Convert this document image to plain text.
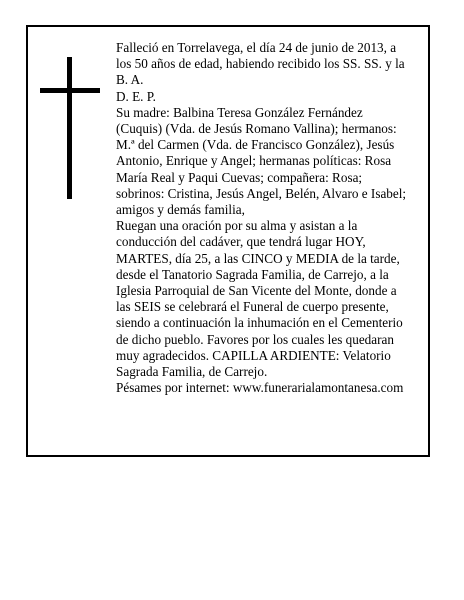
Falleció en Torrelavega, el día 24 de junio de 2013, a
los 50 años de edad, habiendo recibido los SS. SS. y la
B. A.
D. E. P.
Su madre: Balbina Teresa González Fernández
(Cuquis) (Vda. de Jesús Romano Vallina); hermanos:
M.ª del Carmen (Vda. de Francisco González), Jesús
Antonio, Enrique y Angel; hermanas políticas: Rosa
María Real y Paqui Cuevas; compañera: Rosa;
sobrinos: Cristina, Jesús Angel, Belén, Alvaro e Isabel;
amigos y demás familia,
Ruegan una oración por su alma y asistan a la
conducción del cadáver, que tendrá lugar HOY,
MARTES, día 25, a las CINCO y MEDIA de la tarde,
desde el Tanatorio Sagrada Familia, de Carrejo, a la
Iglesia Parroquial de San Vicente del Monte, donde a
las SEIS se celebrará el Funeral de cuerpo presente,
siendo a continuación la inhumación en el Cementerio
de dicho pueblo. Favores por los cuales les quedaran
muy agradecidos. CAPILLA ARDIENTE: Velatorio
Sagrada Familia, de Carrejo.
Pésames por internet: www.funerarialamontanesa.com
